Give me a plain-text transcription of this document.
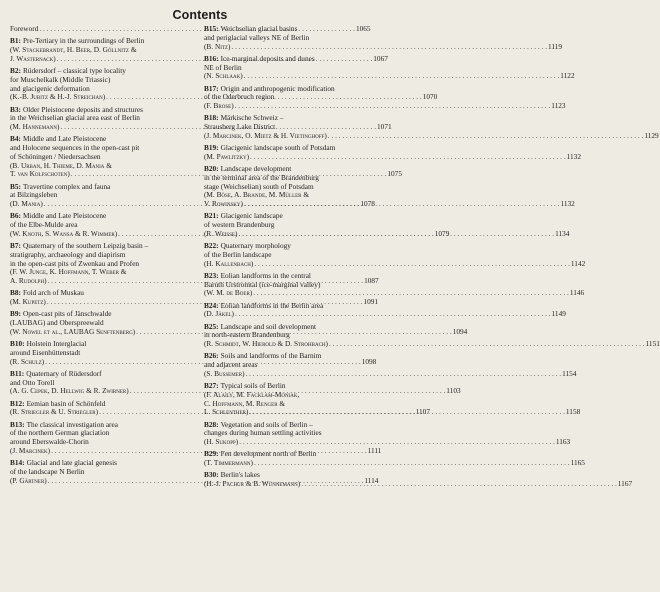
Contents
Foreword . . .	1065
B1: Pre-Tertiary in the surroundings of Berlin
(W. Stackebrandt, H. Beer, D. Göllnitz &
J. Wasternack) . . .	1067
B2: Rüdersdorf – classical type locality
for Muschelkalk (Middle Triassic)
and glacigenic deformation
(K.-B. Jubitz & H.-J. Streichan) . . .	1070
B3: Older Pleistocene deposits and structures
in the Weichselian glacial area east of Berlin
(M. Hannemann) . . .	1071
B4: Middle and Late Pleistocene
and Holocene sequences in the open-cast pit
of Schöningen / Niedersachsen
(B. Urban, H. Thieme, D. Mania &
T. van Kolfschoten) . . .	1075
B5: Travertine complex and fauna
at Bilzingsleben
(D. Mania) . . .	1078
B6: Middle and Late Pleistocene
of the Elbe-Mulde area
(W. Knoth, S. Wansa & R. Wimmer) . . .	1079
B7: Quaternary of the southern Leipzig basin –
stratigraphy, archaeology and diapirism
in the open-cast pits of Zwenkau and Profen
(F. W. Junge, K. Hoffmann, T. Weber &
A. Rudolph) . . .	1087
B8: Fold arch of Muskau
(M. Kupetz) . . .	1091
B9: Open-cast pits of Jänschwalde
(LAUBAG) and Oberspreewald
(W. Nowel et al., LAUBAG Senftenberg) . . .	1094
B10: Holstein Interglacial
around Eisenhüttenstadt
(R. Schulz) . . .	1098
B11: Quaternary of Rüdersdorf
and Otto Torell
(A. G. Cepek, D. Hellwig & R. Zwirner) . . .	1103
B12: Eemian basin of Schönfeld
(R. Striegler & U. Striegler) . . .	1107
B13: The classical investigation area
of the northern German glaciation
around Eberswalde-Chorin
(J. Marcinek) . . .	1111
B14: Glacial and late glacial genesis
of the landscape N Berlin
(P. Gärtner) . . .	1114
B15: Weichselian glacial basins
and periglacial valleys NE of Berlin
(B. Nitz) . . .	1119
B16: Ice-marginal deposits and dunes
NE of Berlin
(N. Schlaak) . . .	1122
B17: Origin and anthropogenic modification
of the Oderbruch region
(F. Brose) . . .	1123
B18: Märkische Schweiz –
Strausberg Lake District
(J. Marcinek, O. Mietz & H. Vietinghoff) . . .	1129
B19: Glacigenic landscape south of Potsdam
(M. Pawlitzky) . . .	1132
B20: Landscape development
in the terminal area of the Brandenburg
stage (Weichselian) south of Potsdam
(M. Böse, A. Brande, M. Müller &
V. Rowinsky) . . .	1132
B21: Glacigenic landscape
of western Brandenburg
(R. Weisse) . . .	1134
B22: Quaternary morphology
of the Berlin landscape
(H. Kallenbach) . . .	1142
B23: Eolian landforms in the central
Baruth Urstromtal (ice-marginal valley)
(W. M. de Boer) . . .	1146
B24: Eolian landforms in the Berlin area
(D. Jäkel) . . .	1149
B25: Landscape and soil development
in north-eastern Brandenburg
(R. Schmidt, W. Hierold & D. Strohbach) . . .	1151
B26: Soils and landforms of the Barnim
and adjacent areas
(S. Bussemer) . . .	1154
B27: Typical soils of Berlin
(F. Alaily, M. Facklam-Moniak,
C. Hoffmann, M. Renger &
L. Schlenther) . . .	1158
B28: Vegetation and soils of Berlin –
changes during human settling activities
(H. Sukopp) . . .	1163
B29: Fen development north of Berlin
(T. Timmermann) . . .	1165
B30: Berlin's lakes
(H.-J. Pachur & B. Wünnemann) . . .	1167
